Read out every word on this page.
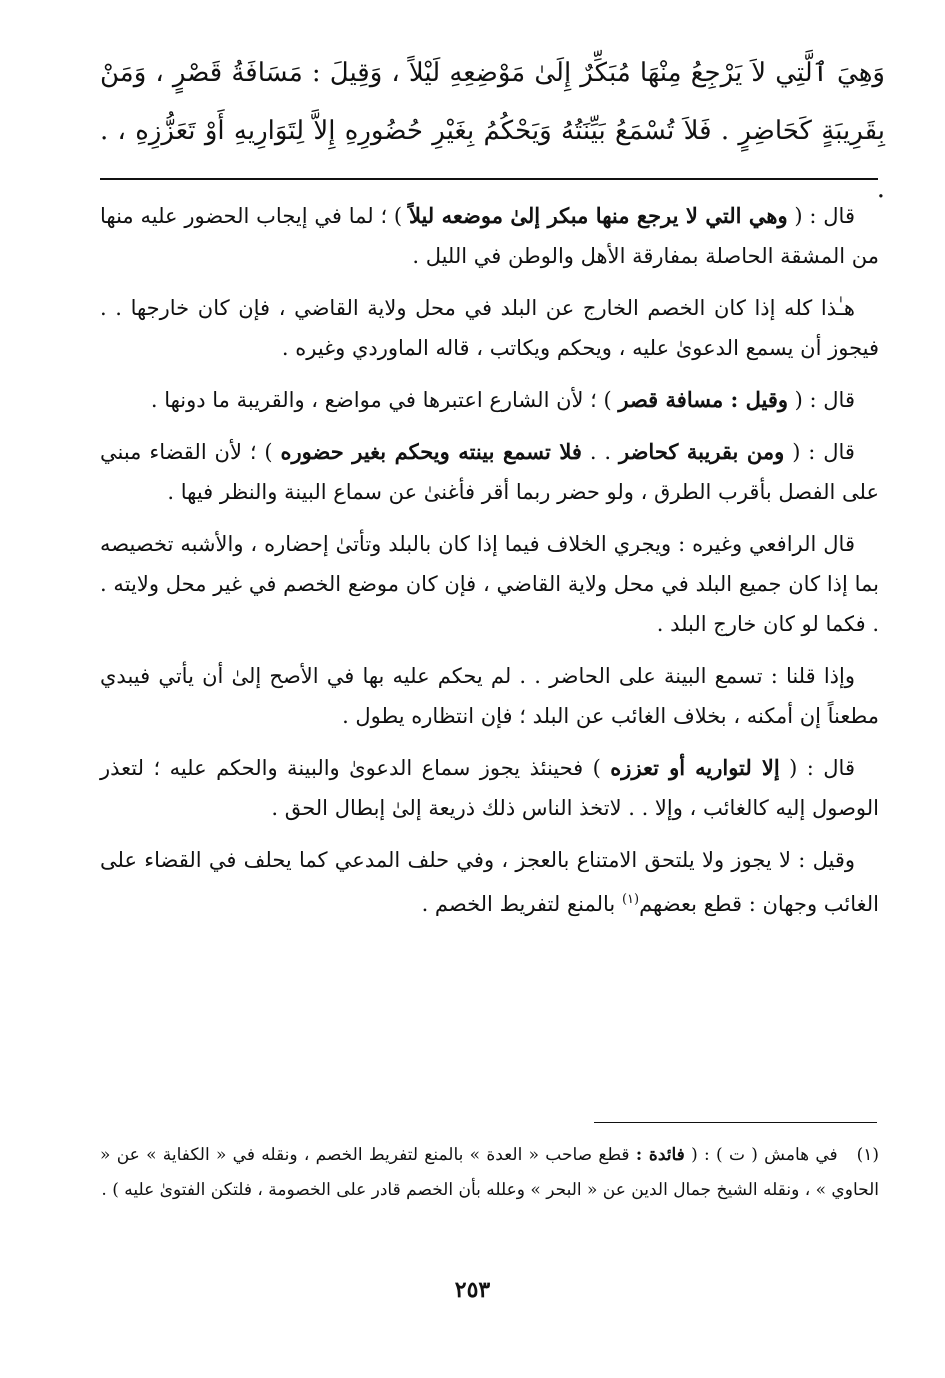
وَهِيَ ٱلَّتِي لاَ يَرْجِعُ مِنْهَا مُبَكِّرٌ إِلَىٰ مَوْضِعِهِ لَيْلاً ، وَقِيلَ : مَسَافَةُ قَصْرٍ ، وَمَنْ بِقَرِيبَةٍ كَحَاضِرٍ . فَلاَ تُسْمَعُ بَيِّنَتُهُ وَيَحْكُمُ بِغَيْرِ حُضُورِهِ إِلاَّ لِتَوَارِيهِ أَوْ تَعَزُّزِهِ ، . .

قال : ( وهي التي لا يرجع منها مبكر إلىٰ موضعه ليلاً ) ؛ لما في إيجاب الحضور عليه منها من المشقة الحاصلة بمفارقة الأهل والوطن في الليل .

هـٰذا كله إذا كان الخصم الخارج عن البلد في محل ولاية القاضي ، فإن كان خارجها . . فيجوز أن يسمع الدعوىٰ عليه ، ويحكم ويكاتب ، قاله الماوردي وغيره .

قال : ( وقيل : مسافة قصر ) ؛ لأن الشارع اعتبرها في مواضع ، والقريبة ما دونها .

قال : ( ومن بقريبة كحاضر . . فلا تسمع بينته ويحكم بغير حضوره ) ؛ لأن القضاء مبني على الفصل بأقرب الطرق ، ولو حضر ربما أقر فأغنىٰ عن سماع البينة والنظر فيها .

قال الرافعي وغيره : ويجري الخلاف فيما إذا كان بالبلد وتأتىٰ إحضاره ، والأشبه تخصيصه بما إذا كان جميع البلد في محل ولاية القاضي ، فإن كان موضع الخصم في غير محل ولايته . . فكما لو كان خارج البلد .

وإذا قلنا : تسمع البينة على الحاضر . . لم يحكم عليه بها في الأصح إلىٰ أن يأتي فيبدي مطعناً إن أمكنه ، بخلاف الغائب عن البلد ؛ فإن انتظاره يطول .

قال : ( إلا لتواريه أو تعززه ) فحينئذ يجوز سماع الدعوىٰ والبينة والحكم عليه ؛ لتعذر الوصول إليه كالغائب ، وإلا . . لاتخذ الناس ذلك ذريعة إلىٰ إبطال الحق .

وقيل : لا يجوز ولا يلتحق الامتناع بالعجز ، وفي حلف المدعي كما يحلف في القضاء على الغائب وجهان : قطع بعضهم$^{(١)}$ بالمنع لتفريط الخصم .

(١)   في هامش ( ت ) : ( فائدة : قطع صاحب « العدة » بالمنع لتفريط الخصم ، ونقله في « الكفاية » عن « الحاوي » ، ونقله الشيخ جمال الدين عن « البحر » وعلله بأن الخصم قادر على الخصومة ، فلتكن الفتوىٰ عليه ) .

٢٥٣
